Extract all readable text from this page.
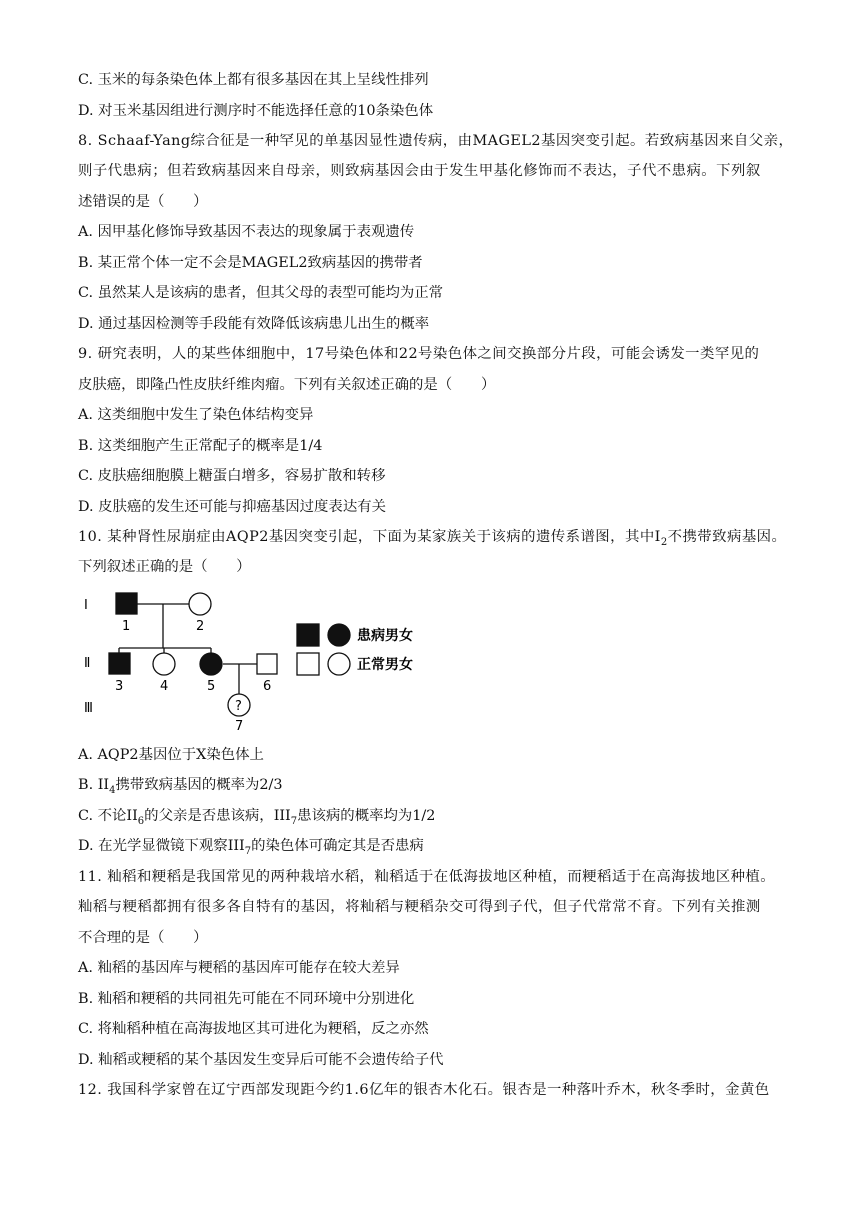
C. 玉米的每条染色体上都有很多基因在其上呈线性排列
D. 对玉米基因组进行测序时不能选择任意的10条染色体
8. Schaaf-Yang综合征是一种罕见的单基因显性遗传病，由MAGEL2基因突变引起。若致病基因来自父亲，
则子代患病；但若致病基因来自母亲，则致病基因会由于发生甲基化修饰而不表达，子代不患病。下列叙
述错误的是（　　）
A. 因甲基化修饰导致基因不表达的现象属于表观遗传
B. 某正常个体一定不会是MAGEL2致病基因的携带者
C. 虽然某人是该病的患者，但其父母的表型可能均为正常
D. 通过基因检测等手段能有效降低该病患儿出生的概率
9. 研究表明，人的某些体细胞中，17号染色体和22号染色体之间交换部分片段，可能会诱发一类罕见的
皮肤癌，即隆凸性皮肤纤维肉瘤。下列有关叙述正确的是（　　）
A. 这类细胞中发生了染色体结构变异
B. 这类细胞产生正常配子的概率是1/4
C. 皮肤癌细胞膜上糖蛋白增多，容易扩散和转移
D. 皮肤癌的发生还可能与抑癌基因过度表达有关
10. 某种肾性尿崩症由AQP2基因突变引起，下面为某家族关于该病的遗传系谱图，其中$I_2$不携带致病基因。
下列叙述正确的是（　　）
Ⅰ
Ⅱ
Ⅲ
1	2
3	4	5	6
?
7
患病男女
正常男女
A. AQP2基因位于X染色体上
B. $II_4$携带致病基因的概率为2/3
C. 不论$II_6$的父亲是否患该病，$III_7$患该病的概率均为1/2
D. 在光学显微镜下观察$III_7$的染色体可确定其是否患病
11. 籼稻和粳稻是我国常见的两种栽培水稻，籼稻适于在低海拔地区种植，而粳稻适于在高海拔地区种植。
籼稻与粳稻都拥有很多各自特有的基因，将籼稻与粳稻杂交可得到子代，但子代常常不育。下列有关推测
不合理的是（　　）
A. 籼稻的基因库与粳稻的基因库可能存在较大差异
B. 籼稻和粳稻的共同祖先可能在不同环境中分别进化
C. 将籼稻种植在高海拔地区其可进化为粳稻，反之亦然
D. 籼稻或粳稻的某个基因发生变异后可能不会遗传给子代
12. 我国科学家曾在辽宁西部发现距今约1.6亿年的银杏木化石。银杏是一种落叶乔木，秋冬季时，金黄色
